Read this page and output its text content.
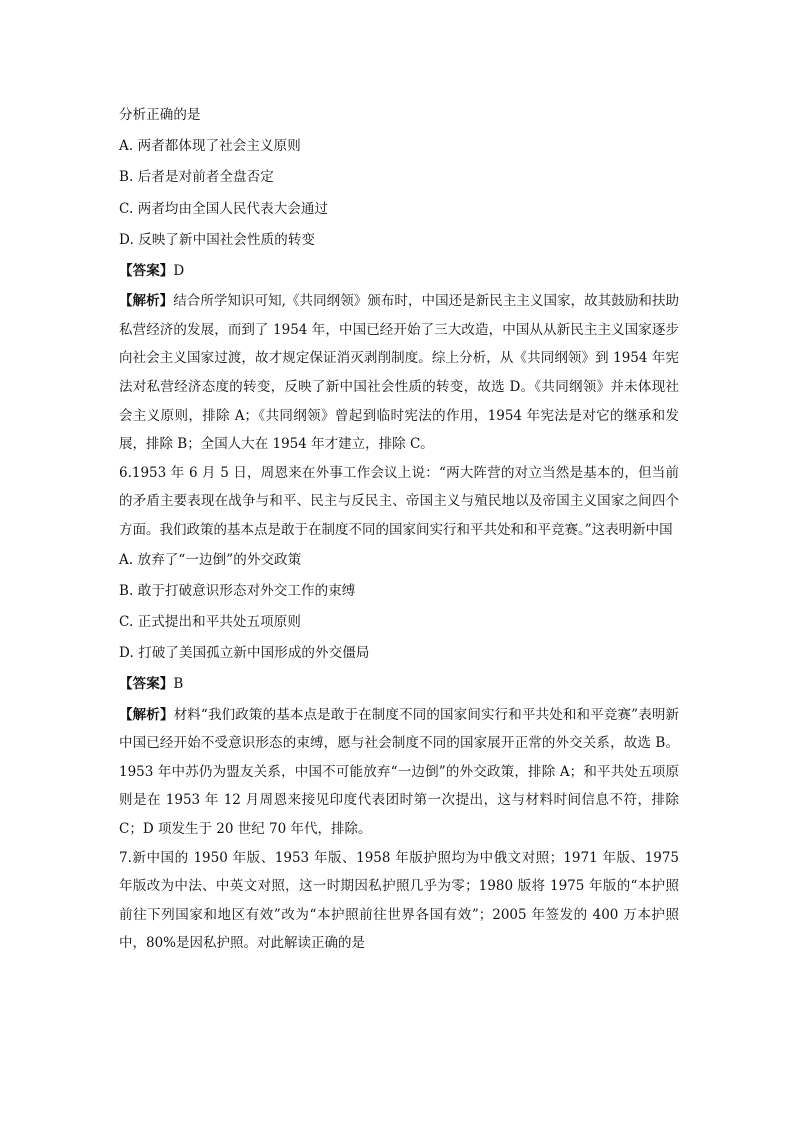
分析正确的是
A. 两者都体现了社会主义原则
B. 后者是对前者全盘否定
C. 两者均由全国人民代表大会通过
D. 反映了新中国社会性质的转变
【答案】D
【解析】结合所学知识可知,《共同纲领》颁布时，中国还是新民主主义国家，故其鼓励和扶助私营经济的发展，而到了 1954 年，中国已经开始了三大改造，中国从从新民主主义国家逐步向社会主义国家过渡，故才规定保证消灭剥削制度。综上分析，从《共同纲领》到 1954 年宪法对私营经济态度的转变，反映了新中国社会性质的转变，故选 D。《共同纲领》并未体现社会主义原则，排除 A；《共同纲领》曾起到临时宪法的作用，1954 年宪法是对它的继承和发展，排除 B；全国人大在 1954 年才建立，排除 C。
6.1953 年 6 月 5 日，周恩来在外事工作会议上说：“两大阵营的对立当然是基本的，但当前的矛盾主要表现在战争与和平、民主与反民主、帝国主义与殖民地以及帝国主义国家之间四个方面。我们政策的基本点是敢于在制度不同的国家间实行和平共处和和平竞赛。”这表明新中国
A. 放弃了“一边倒”的外交政策
B. 敢于打破意识形态对外交工作的束缚
C. 正式提出和平共处五项原则
D. 打破了美国孤立新中国形成的外交僵局
【答案】B
【解析】材料“我们政策的基本点是敢于在制度不同的国家间实行和平共处和和平竞赛”表明新中国已经开始不受意识形态的束缚，愿与社会制度不同的国家展开正常的外交关系，故选 B。1953 年中苏仍为盟友关系，中国不可能放弃“一边倒”的外交政策，排除 A；和平共处五项原则是在 1953 年 12 月周恩来接见印度代表团时第一次提出，这与材料时间信息不符，排除 C；D 项发生于 20 世纪 70 年代，排除。
7.新中国的 1950 年版、1953 年版、1958 年版护照均为中俄文对照；1971 年版、1975 年版改为中法、中英文对照，这一时期因私护照几乎为零；1980 版将 1975 年版的“本护照前往下列国家和地区有效”改为“本护照前往世界各国有效”；2005 年签发的 400 万本护照中，80%是因私护照。对此解读正确的是
